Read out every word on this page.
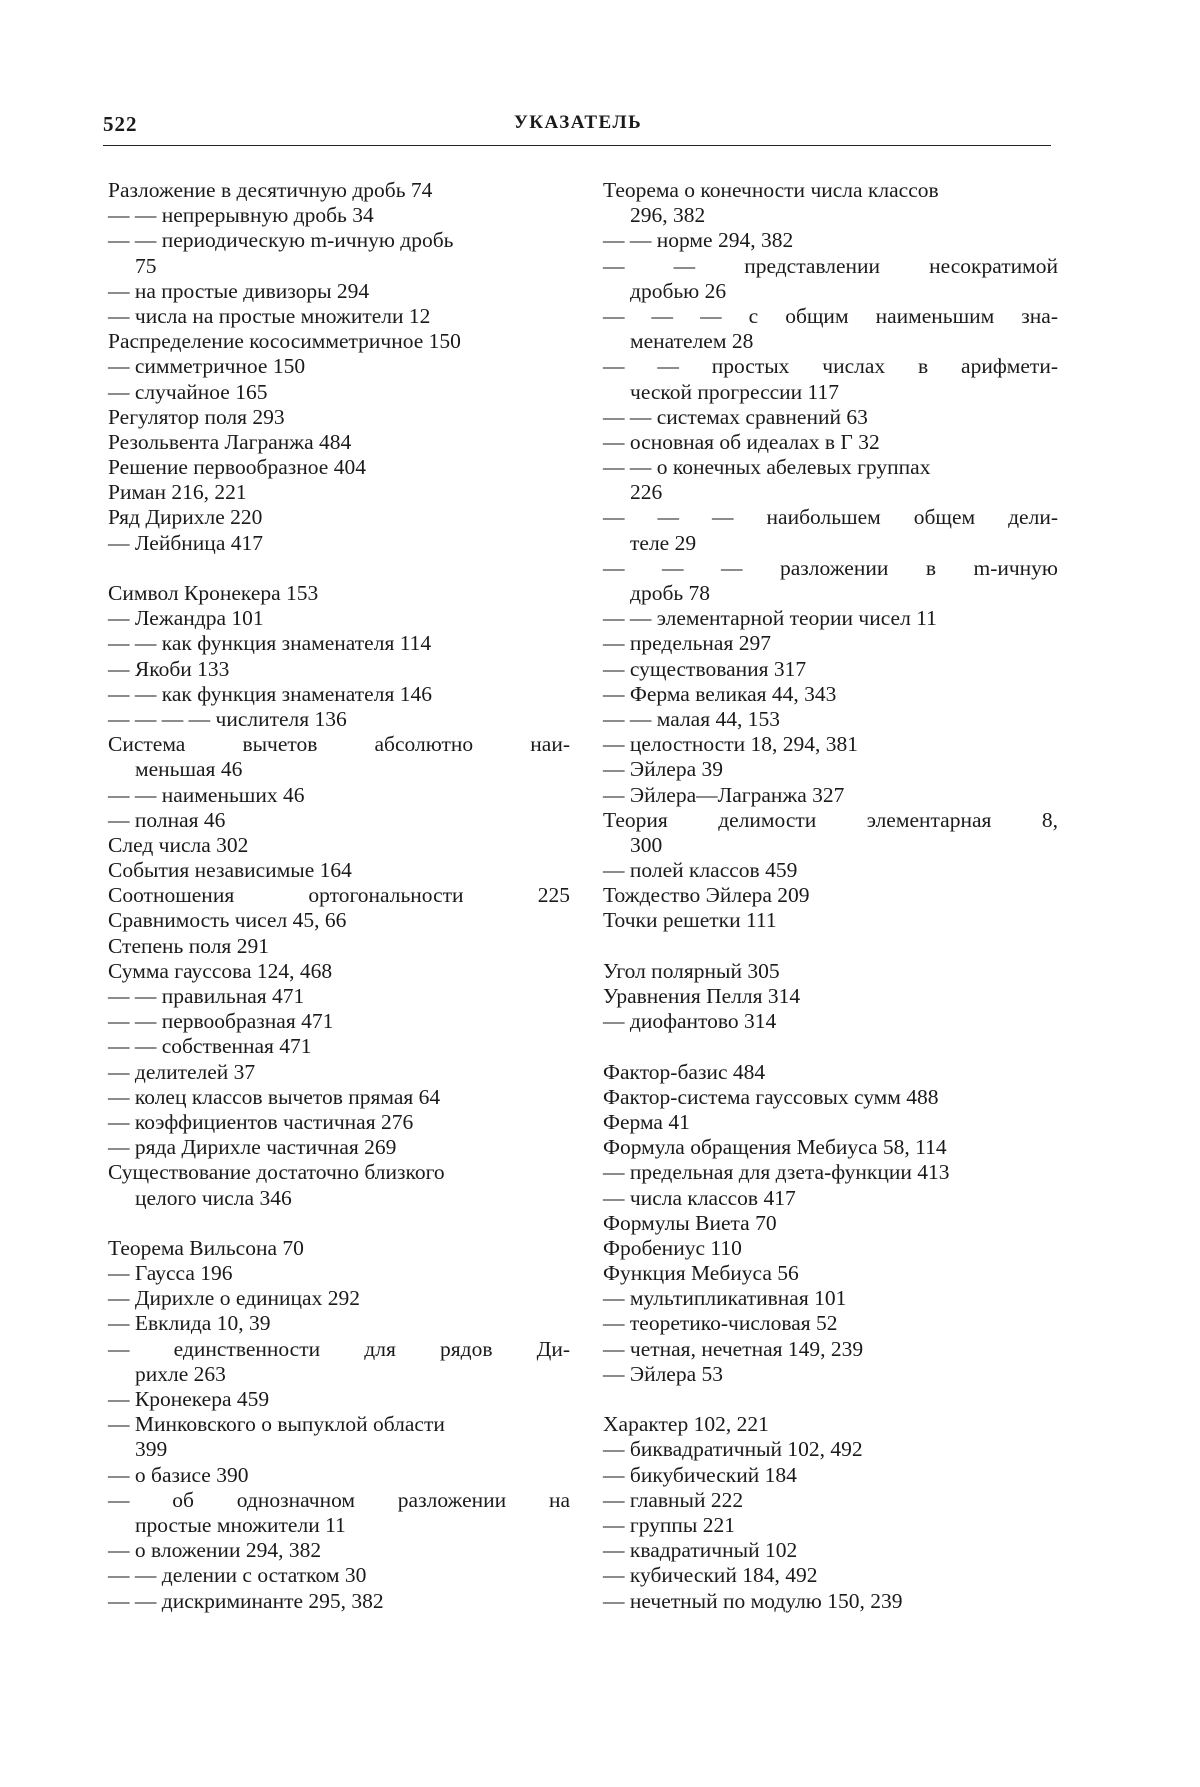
522	УКАЗАТЕЛЬ
Разложение в десятичную дробь 74
— — непрерывную дробь 34
— — периодическую m-ичную дробь
75
— на простые дивизоры 294
— числа на простые множители 12
Распределение кососимметричное 150
— симметричное 150
— случайное 165
Регулятор поля 293
Резольвента Лагранжа 484
Решение первообразное 404
Риман 216, 221
Ряд Дирихле 220
— Лейбница 417
Символ Кронекера 153
— Лежандра 101
— — как функция знаменателя 114
— Якоби 133
— — как функция знаменателя 146
— — — — числителя 136
Система вычетов абсолютно наи-
меньшая 46
— — наименьших 46
— полная 46
След числа 302
События независимые 164
Соотношения ортогональности 225
Сравнимость чисел 45, 66
Степень поля 291
Сумма гауссова 124, 468
— — правильная 471
— — первообразная 471
— — собственная 471
— делителей 37
— колец классов вычетов прямая 64
— коэффициентов частичная 276
— ряда Дирихле частичная 269
Существование достаточно близкого
целого числа 346
Теорема Вильсона 70
— Гаусса 196
— Дирихле о единицах 292
— Евклида 10, 39
— единственности для рядов Ди-
рихле 263
— Кронекера 459
— Минковского о выпуклой области
399
— о базисе 390
— об однозначном разложении на
простые множители 11
— о вложении 294, 382
— — делении с остатком 30
— — дискриминанте 295, 382
Теорема о конечности числа классов
296, 382
— — норме 294, 382
— — представлении несократимой
дробью 26
— — — с общим наименьшим зна-
менателем 28
— — простых числах в арифмети-
ческой прогрессии 117
— — системах сравнений 63
— основная об идеалах в Г 32
— — о конечных абелевых группах
226
— — — наибольшем общем дели-
теле 29
— — — разложении в m-ичную
дробь 78
— — элементарной теории чисел 11
— предельная 297
— существования 317
— Ферма великая 44, 343
— — малая 44, 153
— целостности 18, 294, 381
— Эйлера 39
— Эйлера—Лагранжа 327
Теория делимости элементарная 8,
300
— полей классов 459
Тождество Эйлера 209
Точки решетки 111
Угол полярный 305
Уравнения Пелля 314
— диофантово 314
Фактор-базис 484
Фактор-система гауссовых сумм 488
Ферма 41
Формула обращения Мебиуса 58, 114
— предельная для дзета-функции 413
— числа классов 417
Формулы Виета 70
Фробениус 110
Функция Мебиуса 56
— мультипликативная 101
— теоретико-числовая 52
— четная, нечетная 149, 239
— Эйлера 53
Характер 102, 221
— биквадратичный 102, 492
— бикубический 184
— главный 222
— группы 221
— квадратичный 102
— кубический 184, 492
— нечетный по модулю 150, 239
